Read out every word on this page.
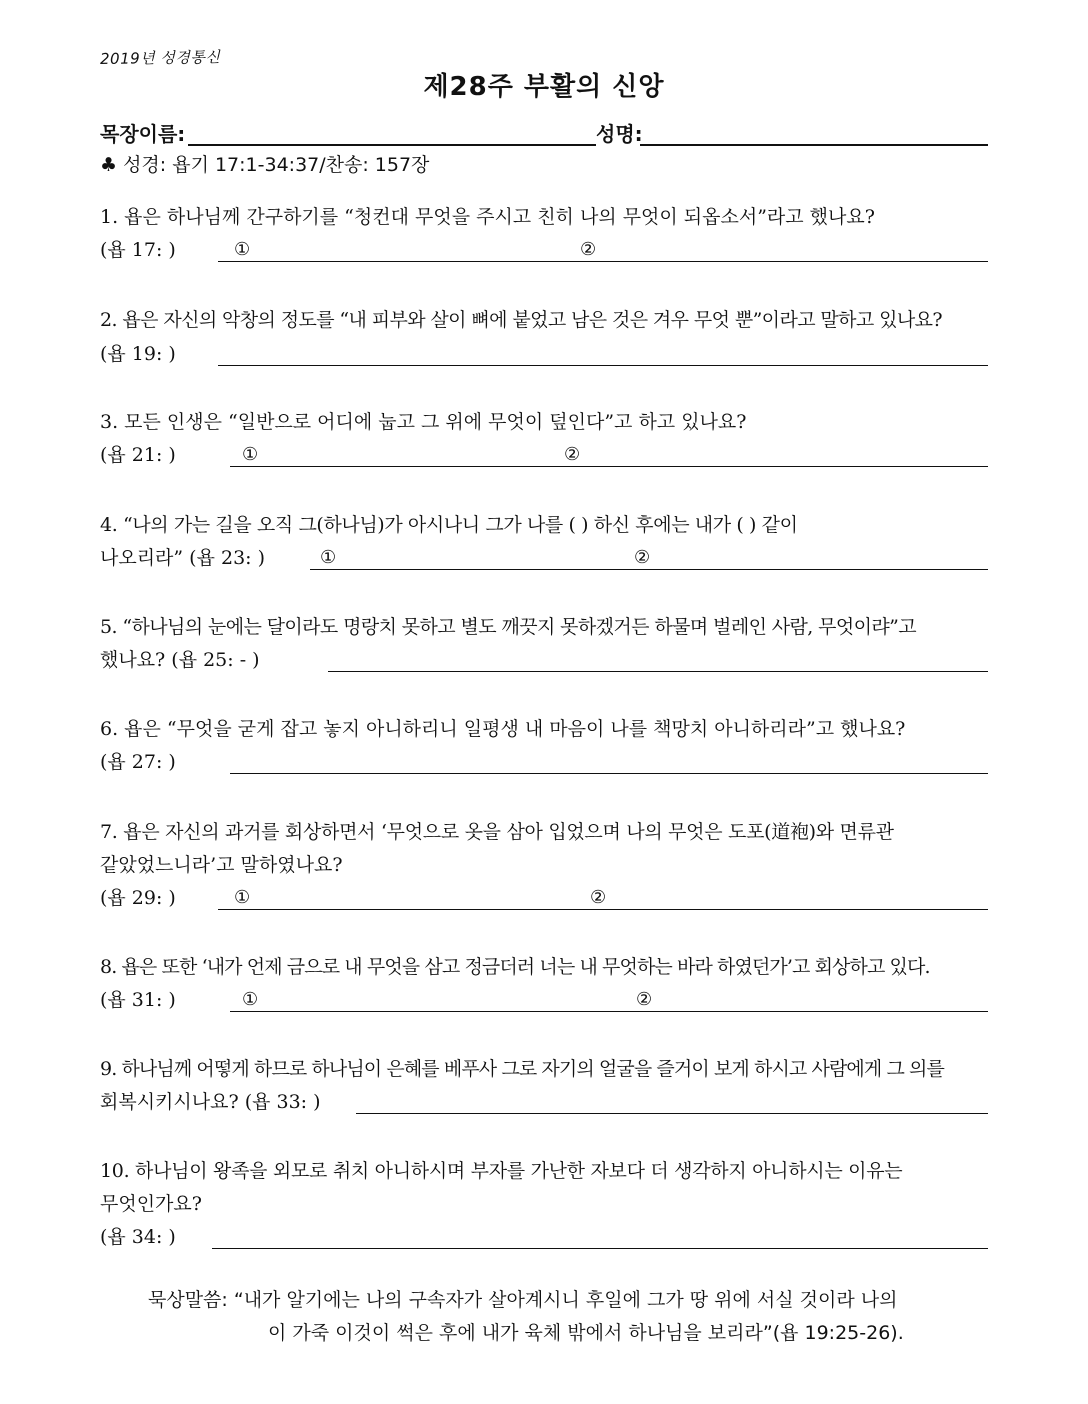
2019년 성경통신
제28주 부활의 신앙
목장이름:	성명:
♣ 성경: 욥기 17:1-34:37/찬송: 157장
1. 욥은 하나님께 간구하기를 “청컨대 무엇을 주시고 친히 나의 무엇이 되옵소서”라고 했나요?
(욥 17: )	①	②
2. 욥은 자신의 악창의 정도를 “내 피부와 살이 뼈에 붙었고 남은 것은 겨우 무엇 뿐”이라고 말하고 있나요?
(욥 19: )
3. 모든 인생은 “일반으로 어디에 눕고 그 위에 무엇이 덮인다”고 하고 있나요?
(욥 21: )	①	②
4. “나의 가는 길을 오직 그(하나님)가 아시나니 그가 나를 ( ) 하신 후에는 내가 ( ) 같이
나오리라” (욥 23: )	①	②
5. “하나님의 눈에는 달이라도 명랑치 못하고 별도 깨끗지 못하겠거든 하물며 벌레인 사람, 무엇이랴”고
했나요? (욥 25: - )
6. 욥은 “무엇을 굳게 잡고 놓지 아니하리니 일평생 내 마음이 나를 책망치 아니하리라”고 했나요?
(욥 27: )
7. 욥은 자신의 과거를 회상하면서 ‘무엇으로 옷을 삼아 입었으며 나의 무엇은 도포(道袍)와 면류관
같았었느니라’고 말하였나요?
(욥 29: )	①	②
8. 욥은 또한 ‘내가 언제 금으로 내 무엇을 삼고 정금더러 너는 내 무엇하는 바라 하였던가’고 회상하고 있다.
(욥 31: )	①	②
9. 하나님께 어떻게 하므로 하나님이 은혜를 베푸사 그로 자기의 얼굴을 즐거이 보게 하시고 사람에게 그 의를
회복시키시나요? (욥 33: )
10. 하나님이 왕족을 외모로 취치 아니하시며 부자를 가난한 자보다 더 생각하지 아니하시는 이유는
무엇인가요?
(욥 34: )
묵상말씀: “내가 알기에는 나의 구속자가 살아계시니 후일에 그가 땅 위에 서실 것이라 나의
이 가죽 이것이 썩은 후에 내가 육체 밖에서 하나님을 보리라”(욥 19:25-26).
